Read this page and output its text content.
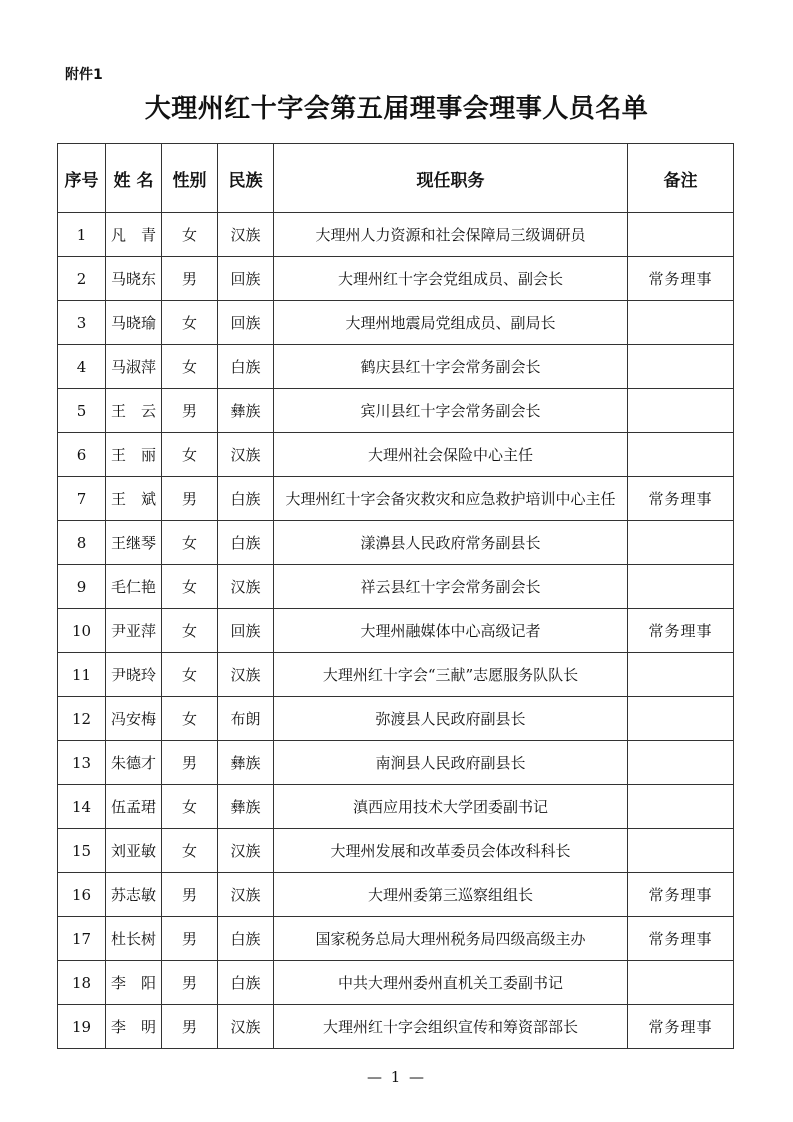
附件1
大理州红十字会第五届理事会理事人员名单
序号	姓 名	性别	民族	现任职务	备注
1	凡　青	女	汉族	大理州人力资源和社会保障局三级调研员	
2	马晓东	男	回族	大理州红十字会党组成员、副会长	常务理事
3	马晓瑜	女	回族	大理州地震局党组成员、副局长	
4	马淑萍	女	白族	鹤庆县红十字会常务副会长	
5	王　云	男	彝族	宾川县红十字会常务副会长	
6	王　丽	女	汉族	大理州社会保险中心主任	
7	王　斌	男	白族	大理州红十字会备灾救灾和应急救护培训中心主任	常务理事
8	王继琴	女	白族	漾濞县人民政府常务副县长	
9	毛仁艳	女	汉族	祥云县红十字会常务副会长	
10	尹亚萍	女	回族	大理州融媒体中心高级记者	常务理事
11	尹晓玲	女	汉族	大理州红十字会“三献”志愿服务队队长	
12	冯安梅	女	布朗	弥渡县人民政府副县长	
13	朱德才	男	彝族	南涧县人民政府副县长	
14	伍孟珺	女	彝族	滇西应用技术大学团委副书记	
15	刘亚敏	女	汉族	大理州发展和改革委员会体改科科长	
16	苏志敏	男	汉族	大理州委第三巡察组组长	常务理事
17	杜长树	男	白族	国家税务总局大理州税务局四级高级主办	常务理事
18	李　阳	男	白族	中共大理州委州直机关工委副书记	
19	李　明	男	汉族	大理州红十字会组织宣传和筹资部部长	常务理事
— 1 —
